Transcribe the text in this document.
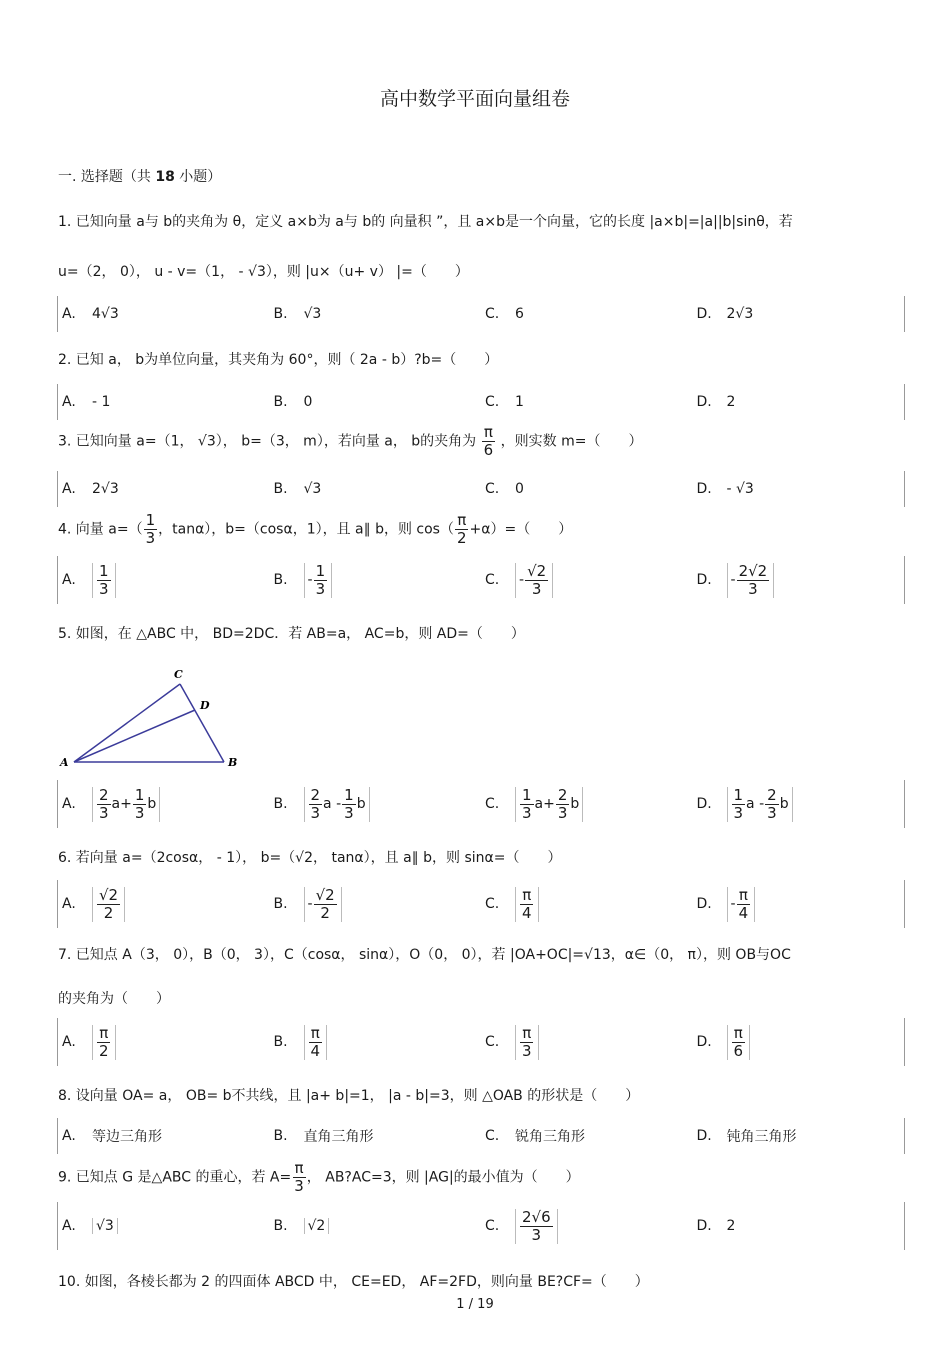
高中数学平面向量组卷
一. 选择题（共 18 小题）
1. 已知向量 a与 b的夹角为 θ，定义 a×b为 a与 b的 向量积 ”，且 a×b是一个向量，它的长度 |a×b|=|a||b|sinθ，若
u=（2， 0）， u - v=（1， - √3），则 |u×（u+ v） |=（　　）
A.	4√3	B.	√3	C.	6	D.	2√3
2. 已知 a， b为单位向量，其夹角为 60°，则（ 2a - b）?b=（　　）
A.	- 1	B.	0	C.	1	D.	2
3. 已知向量 a=（1， √3）， b=（3， m），若向量 a， b的夹角为 $\frac{\pi}{6}$ ，则实数 m=（　　）
A.	2√3	B.	√3	C.	0	D.	- √3
4. 向量 $a=( \frac{1}{3}$ ，tanα），b=（cosα，1），且 a∥ b，则 $\cos( \frac{\pi}{2} +\alpha)=$（　　）
A.	$\frac{1}{3}$	B.	- $\frac{1}{3}$	C.	- $\frac{√2}{3}$	D.	- $\frac{2√2}{3}$
5. 如图，在 △ABC 中， BD=2DC．若 AB=a， AC=b，则 AD=（　　）
A	B
C
D
A.	$\frac{2}{3} a+ \frac{1}{3}$ b	B.	$\frac{2}{3}$ a - $\frac{1}{3}$ b	C.	$\frac{1}{3} a+ \frac{2}{3}$ b	D.	$\frac{1}{3}$ a - $\frac{2}{3}$ b
6. 若向量 a=（2cosα， - 1）， b=（√2， tanα），且 a∥ b，则 sinα=（　　）
A.	$\frac{√2}{2}$	B.	- $\frac{√2}{2}$	C.	$\frac{\pi}{4}$	D.	- $\frac{\pi}{4}$
7. 已知点 A（3， 0），B（0， 3），C（cosα， sinα），O（0， 0），若 |OA+OC|=√13，α∈（0， π），则 OB与OC
的夹角为（　　）
A.	$\frac{\pi}{2}$	B.	$\frac{\pi}{4}$	C.	$\frac{\pi}{3}$	D.	$\frac{\pi}{6}$
8. 设向量 OA= a， OB= b不共线，且 |a+ b|=1， |a - b|=3，则 △OAB 的形状是（　　）
A.	等边三角形	B.	直角三角形	C.	锐角三角形	D.	钝角三角形
9. 已知点 G 是△ABC 的重心，若 $A= \frac{\pi}{3}$ ， AB?AC=3，则 |AG|的最小值为（　　）
A.	√3	B.	√2	C.	$\frac{2√6}{3}$	D.	2
10. 如图，各棱长都为 2 的四面体 ABCD 中， CE=ED， AF=2FD，则向量 BE?CF=（　　）
1 / 19
